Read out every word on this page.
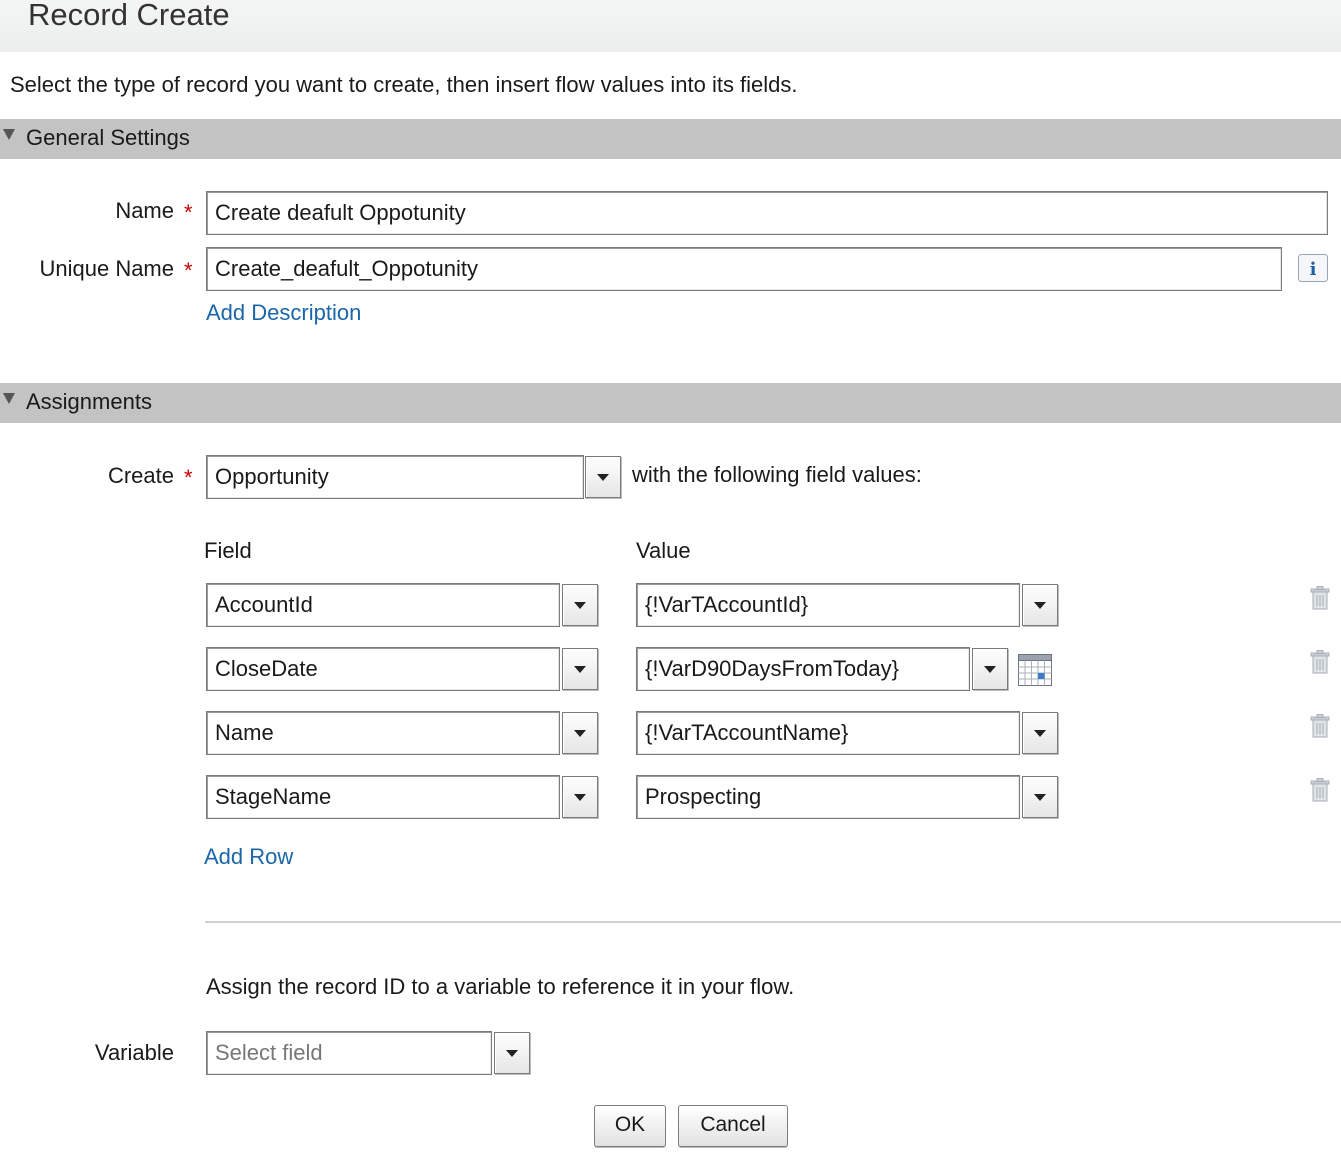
Record Create
Select the type of record you want to create, then insert flow values into its fields.
General Settings
Name * Create deafult Oppotunity
Unique Name * Create_deafult_Oppotunity	i
Add Description
Assignments
Create * Opportunity	with the following field values:
Field	Value
AccountId	{!VarTAccountId}
CloseDate	{!VarD90DaysFromToday}
Name	{!VarTAccountName}
StageName	Prospecting
Add Row
Assign the record ID to a variable to reference it in your flow.
Variable Select field
OK	Cancel
